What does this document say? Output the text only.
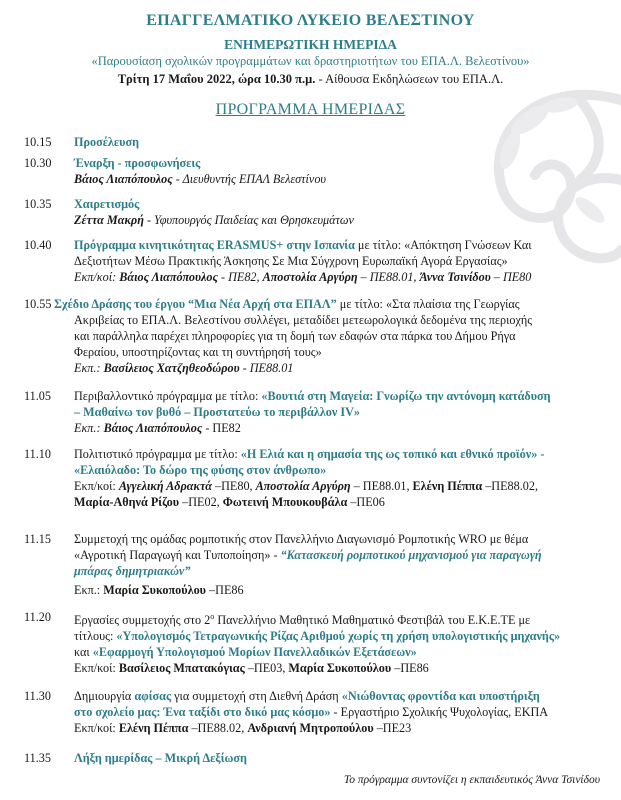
ΕΠΑΓΓΕΛΜΑΤΙΚΟ ΛΥΚΕΙΟ ΒΕΛΕΣΤΙΝΟΥ
ΕΝΗΜΕΡΩΤΙΚΗ ΗΜΕΡΙΔΑ
«Παρουσίαση σχολικών προγραμμάτων και δραστηριοτήτων του ΕΠΑ.Λ. Βελεστίνου»
Τρίτη 17 Μαΐου 2022, ώρα 10.30 π.μ. - Αίθουσα Εκδηλώσεων του ΕΠΑ.Λ.
ΠΡΟΓΡΑΜΜΑ ΗΜΕΡΙΔΑΣ
10.15	Προσέλευση
10.30	Έναρξη - προσφωνήσεις
Βάιος Λιαπόπουλος - Διευθυντής ΕΠΑΛ Βελεστίνου
10.35	Χαιρετισμός
Ζέττα Μακρή - Υφυπουργός Παιδείας και Θρησκευμάτων
10.40	Πρόγραμμα κινητικότητας ERASMUS+ στην Ισπανία με τίτλο: «Απόκτηση Γνώσεων Και
Δεξιοτήτων Μέσω Πρακτικής Άσκησης Σε Μια Σύγχρονη Ευρωπαϊκή Αγορά Εργασίας»
Εκπ/κοί: Βάιος Λιαπόπουλος - ΠΕ82, Αποστολία Αργύρη – ΠΕ88.01, Άννα Τσινίδου – ΠΕ80
10.55 Σχέδιο Δράσης του έργου “Μια Νέα Αρχή στα ΕΠΑΛ” με τίτλο: «Στα πλαίσια της Γεωργίας
Ακριβείας το ΕΠΑ.Λ. Βελεστίνου συλλέγει, μεταδίδει μετεωρολογικά δεδομένα της περιοχής
και παράλληλα παρέχει πληροφορίες για τη δομή των εδαφών στα πάρκα του Δήμου Ρήγα
Φεραίου, υποστηρίζοντας και τη συντήρησή τους»
Εκπ.: Βασίλειος Χατζηθεοδώρου - ΠΕ88.01
11.05	Περιβαλλοντικό πρόγραμμα με τίτλο: «Βουτιά στη Μαγεία: Γνωρίζω την αντόνομη κατάδυση
– Μαθαίνω τον βυθό – Προστατεύω το περιβάλλον IV»
Εκπ.: Βάιος Λιαπόπουλος - ΠΕ82
11.10	Πολιτιστικό πρόγραμμα με τίτλο: «Η Ελιά και η σημασία της ως τοπικό και εθνικό προϊόν» -
«Ελαιόλαδο: Το δώρο της φύσης στον άνθρωπο»
Εκπ/κοί: Αγγελική Αδρακτά –ΠΕ80, Αποστολία Αργύρη – ΠΕ88.01, Ελένη Πέππα –ΠΕ88.02,
Μαρία-Αθηνά Ρίζου –ΠΕ02, Φωτεινή Μπουκουβάλα –ΠΕ06
11.15	Συμμετοχή της ομάδας ρομποτικής στον Πανελλήνιο Διαγωνισμό Ρομποτικής WRO με θέμα
«Αγροτική Παραγωγή και Τυποποίηση» - “Κατασκευή ρομποτικού μηχανισμού για παραγωγή
μπάρας δημητριακών”
Εκπ.: Μαρία Συκοπούλου –ΠΕ86
11.20	Εργασίες συμμετοχής στο $2^o$ Πανελλήνιο Μαθητικό Μαθηματικό Φεστιβάλ του Ε.Κ.Ε.ΤΕ με
τίτλους: «Υπολογισμός Τετραγωνικής Ρίζας Αριθμού χωρίς τη χρήση υπολογιστικής μηχανής»
και «Εφαρμογή Υπολογισμού Μορίων Πανελλαδικών Εξετάσεων»
Εκπ/κοί: Βασίλειος Μπατακόγιας –ΠΕ03, Μαρία Συκοπούλου –ΠΕ86
11.30	Δημιουργία αφίσας για συμμετοχή στη Διεθνή Δράση «Νιώθοντας φροντίδα και υποστήριξη
στο σχολείο μας: Ένα ταξίδι στο δικό μας κόσμο» - Εργαστήριο Σχολικής Ψυχολογίας, ΕΚΠΑ
Εκπ/κοί: Ελένη Πέππα –ΠΕ88.02, Ανδριανή Μητροπούλου –ΠΕ23
11.35	Λήξη ημερίδας – Μικρή Δεξίωση
Το πρόγραμμα συντονίζει η εκπαιδευτικός Άννα Τσινίδου
